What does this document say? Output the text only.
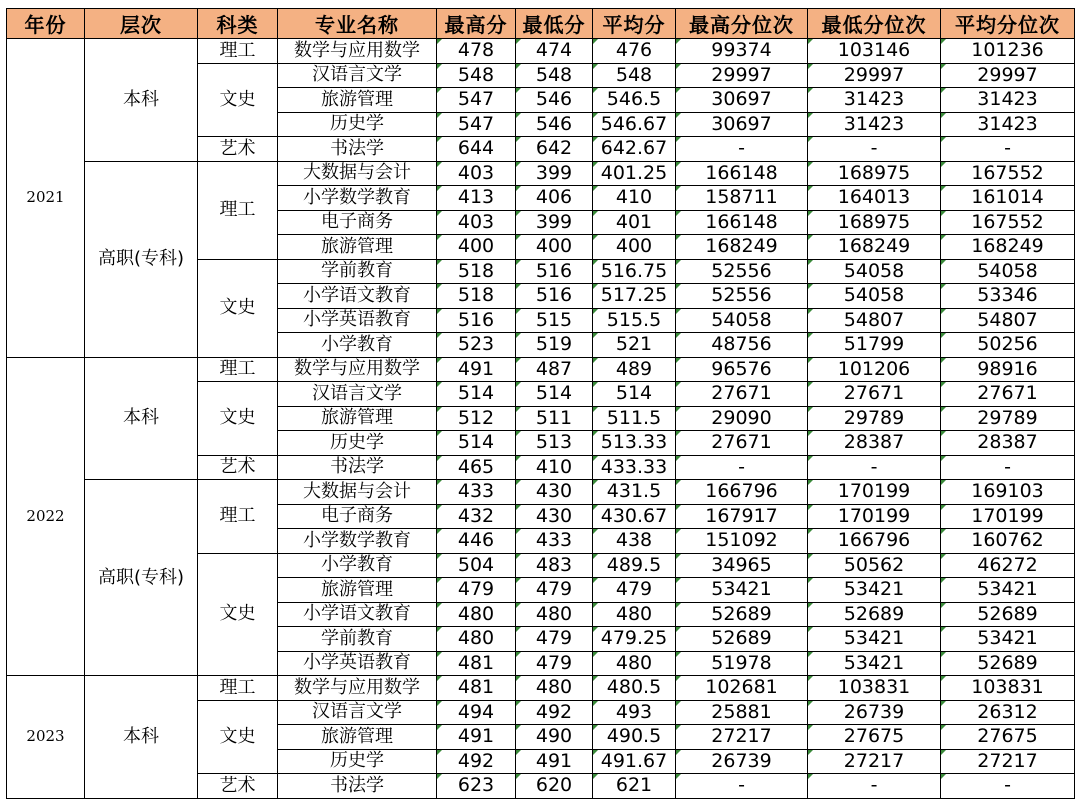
年份	层次	科类	专业名称	最高分	最低分	平均分	最高分位次	最低分位次	平均分位次
2021	本科	理工	数学与应用数学	478	474	476	99374	103146	101236
		文史	汉语言文学	548	548	548	29997	29997	29997
			旅游管理	547	546	546.5	30697	31423	31423
			历史学	547	546	546.67	30697	31423	31423
		艺术	书法学	644	642	642.67	-	-	-
	高职(专科)	理工	大数据与会计	403	399	401.25	166148	168975	167552
			小学数学教育	413	406	410	158711	164013	161014
			电子商务	403	399	401	166148	168975	167552
			旅游管理	400	400	400	168249	168249	168249
		文史	学前教育	518	516	516.75	52556	54058	54058
			小学语文教育	518	516	517.25	52556	54058	53346
			小学英语教育	516	515	515.5	54058	54807	54807
			小学教育	523	519	521	48756	51799	50256
2022	本科	理工	数学与应用数学	491	487	489	96576	101206	98916
		文史	汉语言文学	514	514	514	27671	27671	27671
			旅游管理	512	511	511.5	29090	29789	29789
			历史学	514	513	513.33	27671	28387	28387
		艺术	书法学	465	410	433.33	-	-	-
	高职(专科)	理工	大数据与会计	433	430	431.5	166796	170199	169103
			电子商务	432	430	430.67	167917	170199	170199
			小学数学教育	446	433	438	151092	166796	160762
		文史	小学教育	504	483	489.5	34965	50562	46272
			旅游管理	479	479	479	53421	53421	53421
			小学语文教育	480	480	480	52689	52689	52689
			学前教育	480	479	479.25	52689	53421	53421
			小学英语教育	481	479	480	51978	53421	52689
2023	本科	理工	数学与应用数学	481	480	480.5	102681	103831	103831
		文史	汉语言文学	494	492	493	25881	26739	26312
			旅游管理	491	490	490.5	27217	27675	27675
			历史学	492	491	491.67	26739	27217	27217
		艺术	书法学	623	620	621	-	-	-
